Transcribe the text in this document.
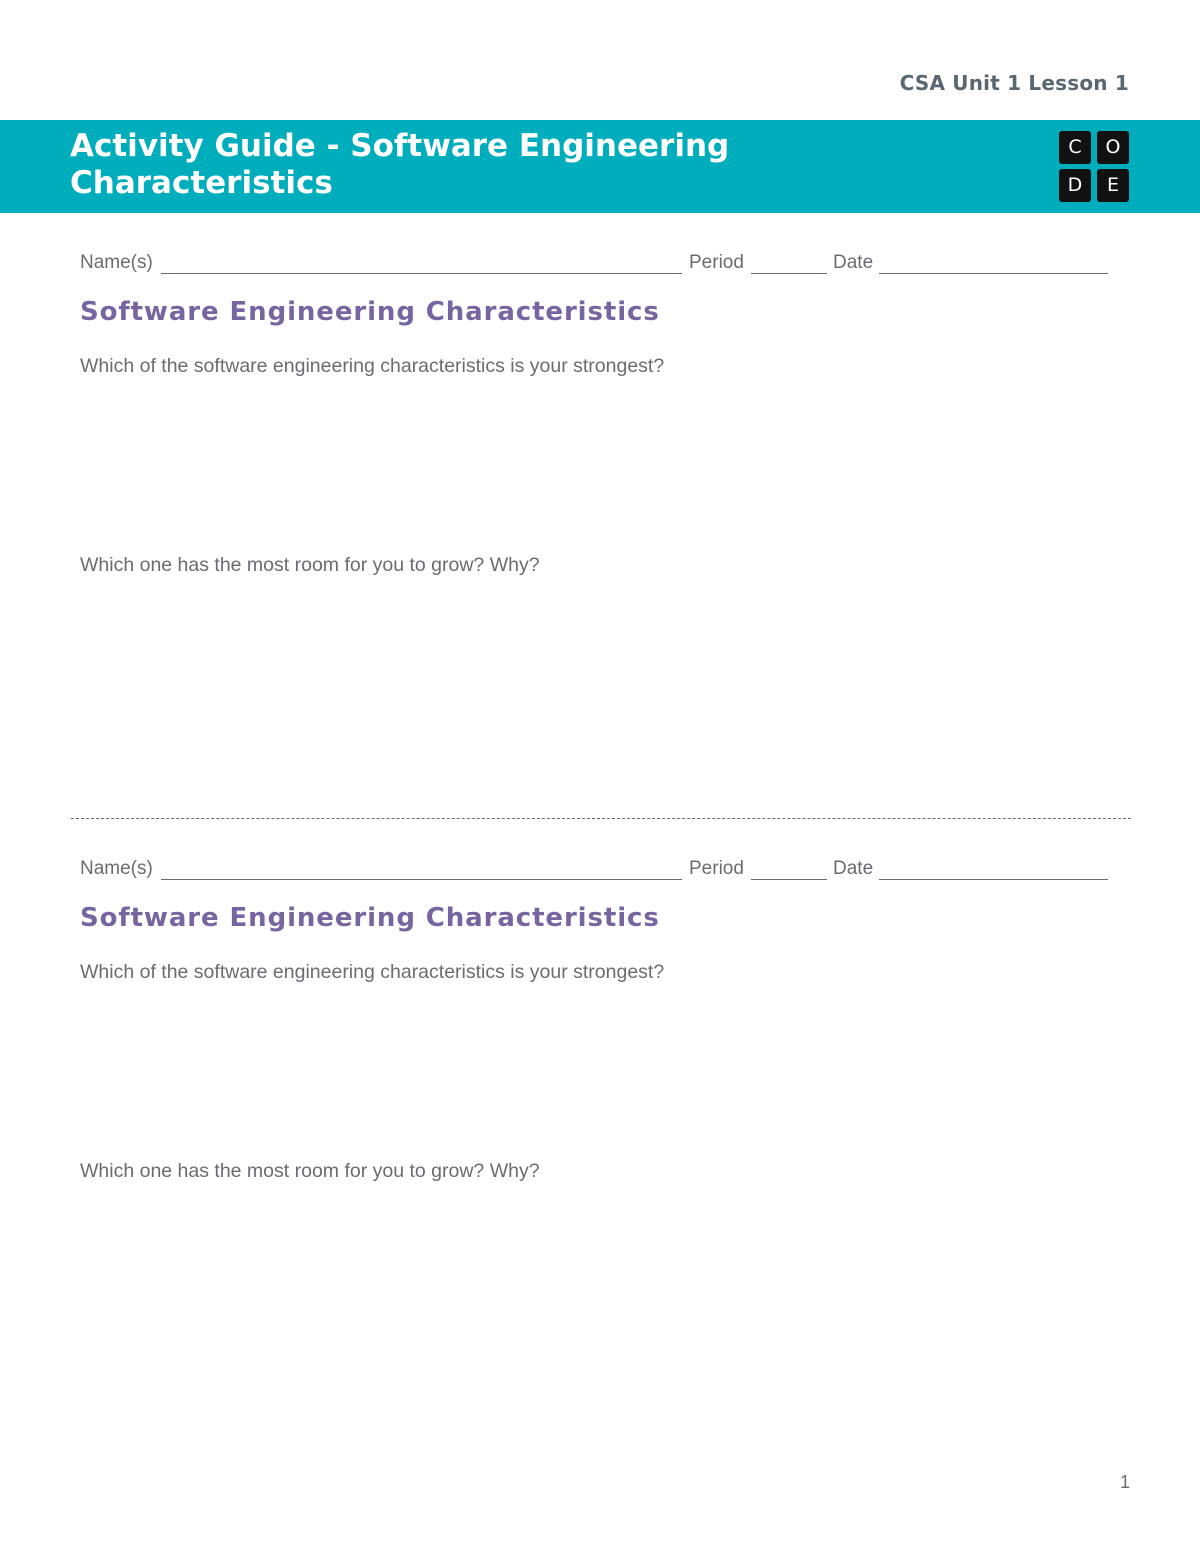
CSA Unit 1 Lesson 1
Activity Guide - Software Engineering
Characteristics
C	O
D	E
Name(s)	Period	Date
Software Engineering Characteristics

Which of the software engineering characteristics is your strongest?

Which one has the most room for you to grow? Why?

Name(s)	Period	Date
Software Engineering Characteristics

Which of the software engineering characteristics is your strongest?

Which one has the most room for you to grow? Why?

1
